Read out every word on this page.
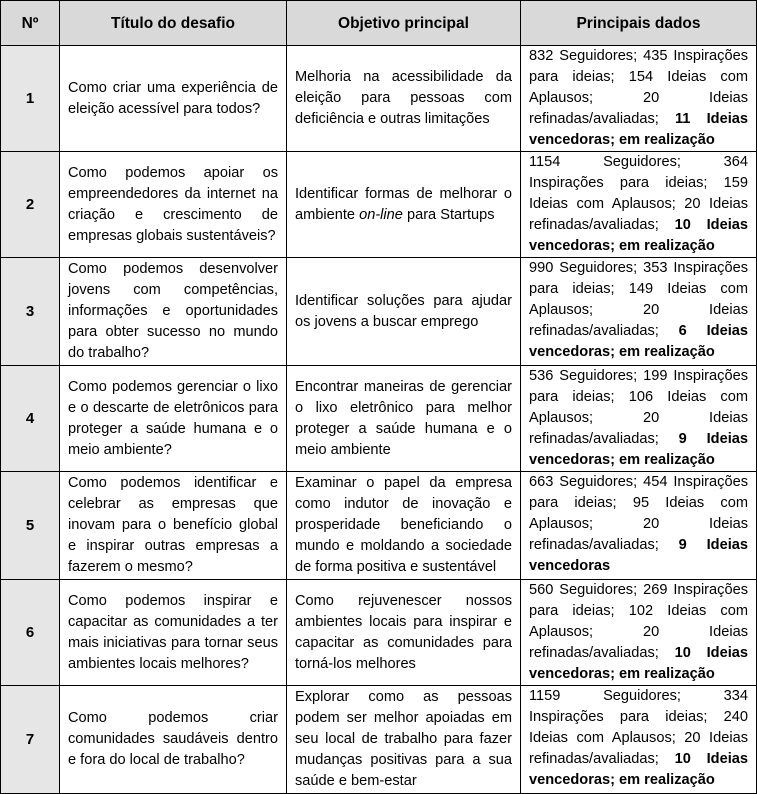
Nº	Título do desafio	Objetivo principal	Principais dados
1	Como criar uma experiência de eleição acessível para todos?	Melhoria na acessibilidade da eleição para pessoas com deficiência e outras limitações	832 Seguidores; 435 Inspirações para ideias; 154 Ideias com Aplausos; 20 Ideias refinadas/avaliadas; 11 Ideias vencedoras; em realização
2	Como podemos apoiar os empreendedores da internet na criação e crescimento de empresas globais sustentáveis?	Identificar formas de melhorar o ambiente on-line para Startups	1154 Seguidores; 364 Inspirações para ideias; 159 Ideias com Aplausos; 20 Ideias refinadas/avaliadas; 10 Ideias vencedoras; em realização
3	Como podemos desenvolver jovens com competências, informações e oportunidades para obter sucesso no mundo do trabalho?	Identificar soluções para ajudar os jovens a buscar emprego	990 Seguidores; 353 Inspirações para ideias; 149 Ideias com Aplausos; 20 Ideias refinadas/avaliadas; 6 Ideias vencedoras; em realização
4	Como podemos gerenciar o lixo e o descarte de eletrônicos para proteger a saúde humana e o meio ambiente?	Encontrar maneiras de gerenciar o lixo eletrônico para melhor proteger a saúde humana e o meio ambiente	536 Seguidores; 199 Inspirações para ideias; 106 Ideias com Aplausos; 20 Ideias refinadas/avaliadas; 9 Ideias vencedoras; em realização
5	Como podemos identificar e celebrar as empresas que inovam para o benefício global e inspirar outras empresas a fazerem o mesmo?	Examinar o papel da empresa como indutor de inovação e prosperidade beneficiando o mundo e moldando a sociedade de forma positiva e sustentável	663 Seguidores; 454 Inspirações para ideias; 95 Ideias com Aplausos; 20 Ideias refinadas/avaliadas; 9 Ideias vencedoras
6	Como podemos inspirar e capacitar as comunidades a ter mais iniciativas para tornar seus ambientes locais melhores?	Como rejuvenescer nossos ambientes locais para inspirar e capacitar as comunidades para torná-los melhores	560 Seguidores; 269 Inspirações para ideias; 102 Ideias com Aplausos; 20 Ideias refinadas/avaliadas; 10 Ideias vencedoras; em realização
7	Como podemos criar comunidades saudáveis dentro e fora do local de trabalho?	Explorar como as pessoas podem ser melhor apoiadas em seu local de trabalho para fazer mudanças positivas para a sua saúde e bem-estar	1159 Seguidores; 334 Inspirações para ideias; 240 Ideias com Aplausos; 20 Ideias refinadas/avaliadas; 10 Ideias vencedoras; em realização
